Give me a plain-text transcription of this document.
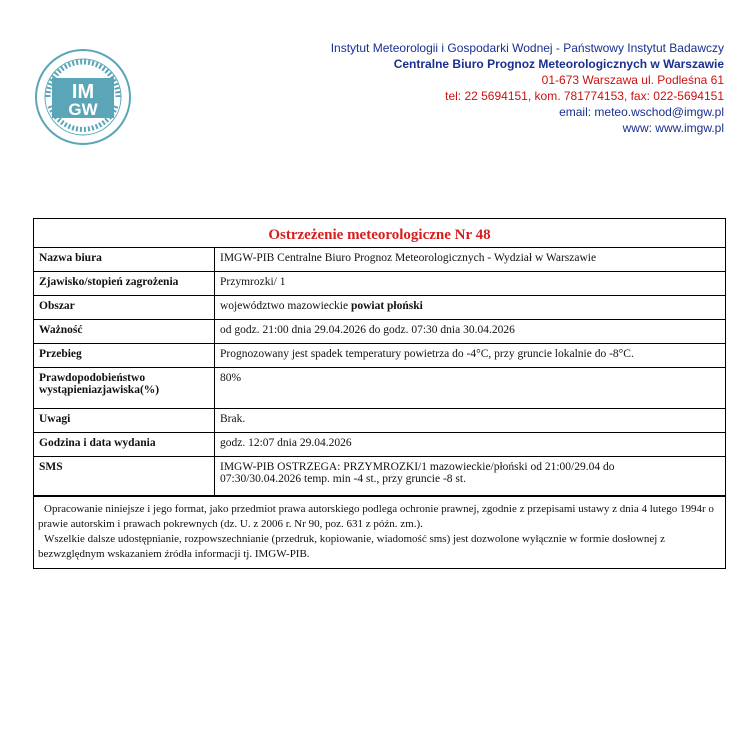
IM
GW
Instytut Meteorologii i Gospodarki Wodnej - Państwowy Instytut Badawczy
Centralne Biuro Prognoz Meteorologicznych w Warszawie
01-673 Warszawa ul. Podleśna 61
tel: 22 5694151, kom. 781774153, fax: 022-5694151
email: meteo.wschod@imgw.pl
www: www.imgw.pl
Ostrzeżenie meteorologiczne Nr 48	
Nazwa biura	IMGW-PIB Centralne Biuro Prognoz Meteorologicznych - Wydział w Warszawie
Zjawisko/stopień zagrożenia	Przymrozki/ 1
Obszar	województwo mazowieckie powiat płoński
Ważność	od godz. 21:00 dnia 29.04.2026 do godz. 07:30 dnia 30.04.2026
Przebieg	Prognozowany jest spadek temperatury powietrza do -4°C, przy gruncie lokalnie do -8°C.

Prawdopodobieństwo
wystąpieniazjawiska(%)	80%
Uwagi	Brak.
Godzina i data wydania	godz. 12:07 dnia 29.04.2026
SMS	IMGW-PIB OSTRZEGA: PRZYMROZKI/1 mazowieckie/płoński od 21:00/29.04 do
07:30/30.04.2026 temp. min -4 st., przy gruncie -8 st.

Opracowanie niniejsze i jego format, jako przedmiot prawa autorskiego podlega ochronie prawnej, zgodnie z przepisami ustawy z dnia 4 lutego 1994r o prawie autorskim i prawach pokrewnych (dz. U. z 2006 r. Nr 90, poz. 631 z późn. zm.).

Wszelkie dalsze udostępnianie, rozpowszechnianie (przedruk, kopiowanie, wiadomość sms) jest dozwolone wyłącznie w formie dosłownej z bezwzględnym wskazaniem źródła informacji tj. IMGW-PIB.
